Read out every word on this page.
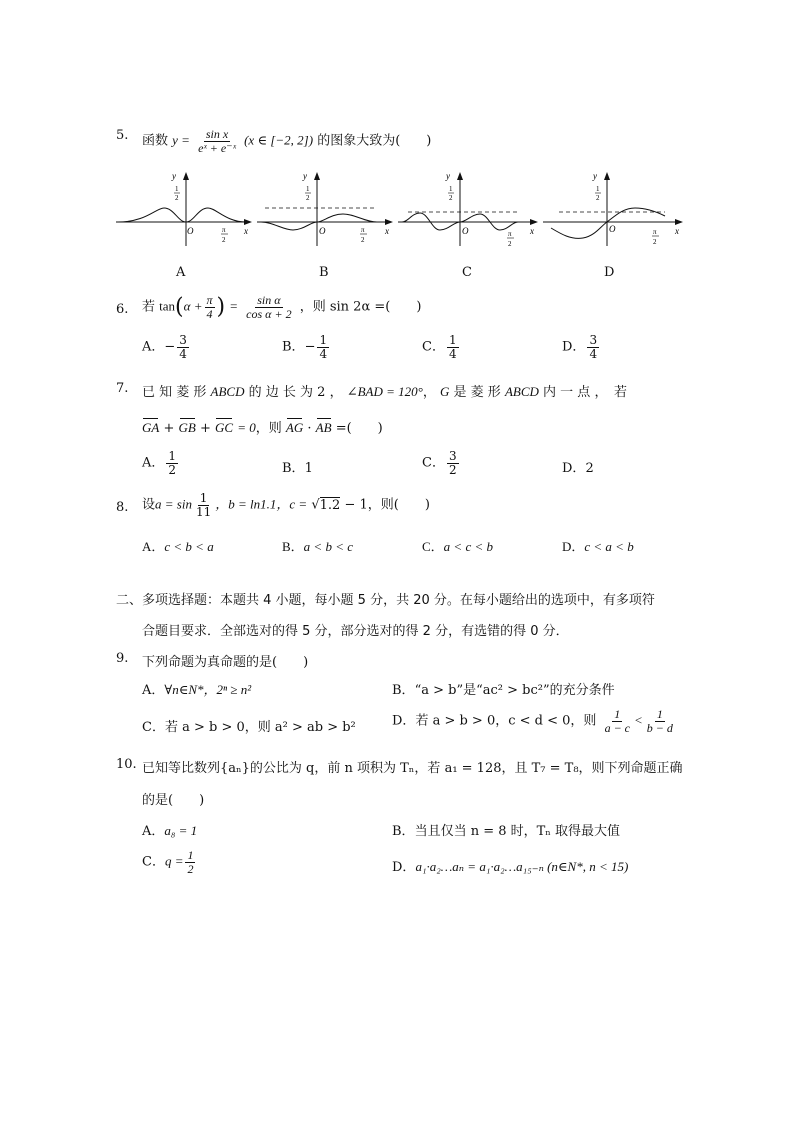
5. 函数 $y = \frac{\text{sin x}}{\text{eˣ + e⁻ˣ}} (x$ ∈ [−2, 2]) 的图象大致为(　　)
y
1
2
O	π
2
x
y
1
2
O	π
2
x
y
1
2
O	π
2
x
y
1
2
O	π
2
x
A	B	C	D
6. 若 $\tan(\alpha + \frac{\pi}{4}$ ) = $\frac{\text{sin α}}{\text{cos α + 2}}$ ，则 sin 2α =(　　)
A．− $\frac{3}{4}$	B．− $\frac{1}{4}$	C． $\frac{1}{4}$	D． $\frac{3}{4}$
7. 已 知 菱 形 ABCD 的 边 长 为 2 ， ∠BAD = 120°， G 是 菱 形 ABCD 内 一 点 ，　若
GA + GB + GC = 0，则 AG · AB =(　　)
A． $\frac{1}{2}$	B．1	C． $\frac{3}{2}$	D．2
8. 设$a = \sin \frac{1}{11}$ ，b = ln1.1，c = √1.2 − 1，则(　　)
A．c < b < a	B．a < b < c	C．a < c < b	D．c < a < b
二、多项选择题：本题共 4 小题，每小题 5 分，共 20 分。在每小题给出的选项中，有多项符
合题目要求．全部选对的得 5 分，部分选对的得 2 分，有选错的得 0 分．
9. 下列命题为真命题的是(　　)
A．∀n∈N*，2ⁿ ≥ n²	B．“a > b”是“ac² > bc²”的充分条件
C．若 a > b > 0，则 a² > ab > b²	D．若 a > b > 0，c < d < 0，则 $\frac{1}{a - c} < \frac{1}{b - d}$
10. 已知等比数列{aₙ}的公比为 q，前 n 项积为 Tₙ，若 a₁ = 128，且 T₇ = T₈，则下列命题正确
的是(　　)
A．a₈ = 1	B．当且仅当 n = 8 时，Tₙ 取得最大值
C．$q = \frac{1}{2}$	D．a₁·a₂…aₙ = a₁·a₂…a₁₅₋ₙ (n∈N*, n < 15)
